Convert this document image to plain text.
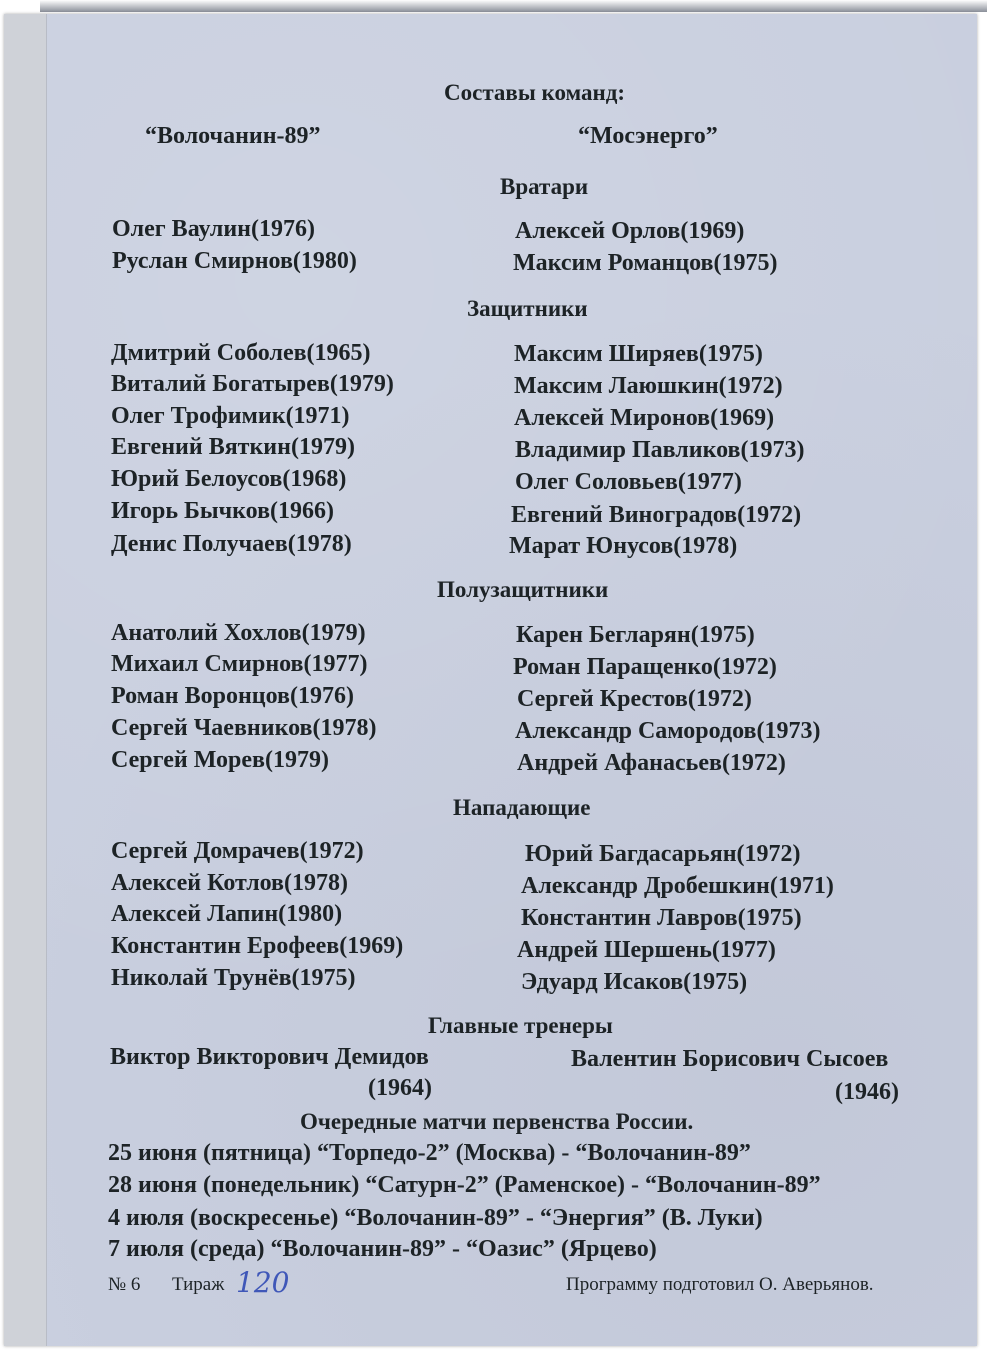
Составы команд:
“Волочанин-89”	“Мосэнерго”
Вратари
Олег Ваулин(1976)
Руслан Смирнов(1980)
Алексей Орлов(1969)
Максим Романцов(1975)
Защитники
Дмитрий Соболев(1965)
Виталий Богатырев(1979)
Олег Трофимик(1971)
Евгений Вяткин(1979)
Юрий Белоусов(1968)
Игорь Бычков(1966)
Денис Получаев(1978)
Максим Ширяев(1975)
Максим Лаюшкин(1972)
Алексей Миронов(1969)
Владимир Павликов(1973)
Олег Соловьев(1977)
Евгений Виноградов(1972)
Марат Юнусов(1978)
Полузащитники
Анатолий Хохлов(1979)
Михаил Смирнов(1977)
Роман Воронцов(1976)
Сергей Чаевников(1978)
Сергей Морев(1979)
Карен Бегларян(1975)
Роман Паращенко(1972)
Сергей Крестов(1972)
Александр Самородов(1973)
Андрей Афанасьев(1972)
Нападающие
Сергей Домрачев(1972)
Алексей Котлов(1978)
Алексей Лапин(1980)
Константин Ерофеев(1969)
Николай Трунёв(1975)
Юрий Багдасарьян(1972)
Александр Дробешкин(1971)
Константин Лавров(1975)
Андрей Шершень(1977)
Эдуард Исаков(1975)
Главные тренеры
Виктор Викторович Демидов
(1964)
Валентин Борисович Сысоев
(1946)
Очередные матчи первенства России.
25 июня (пятница) “Торпедо-2” (Москва) - “Волочанин-89”
28 июня (понедельник) “Сатурн-2” (Раменское) - “Волочанин-89”
4 июля (воскресенье) “Волочанин-89” - “Энергия” (В. Луки)
7 июля (среда) “Волочанин-89” - “Оазис” (Ярцево)
№ 6 Тираж 120	Программу подготовил О. Аверьянов.
